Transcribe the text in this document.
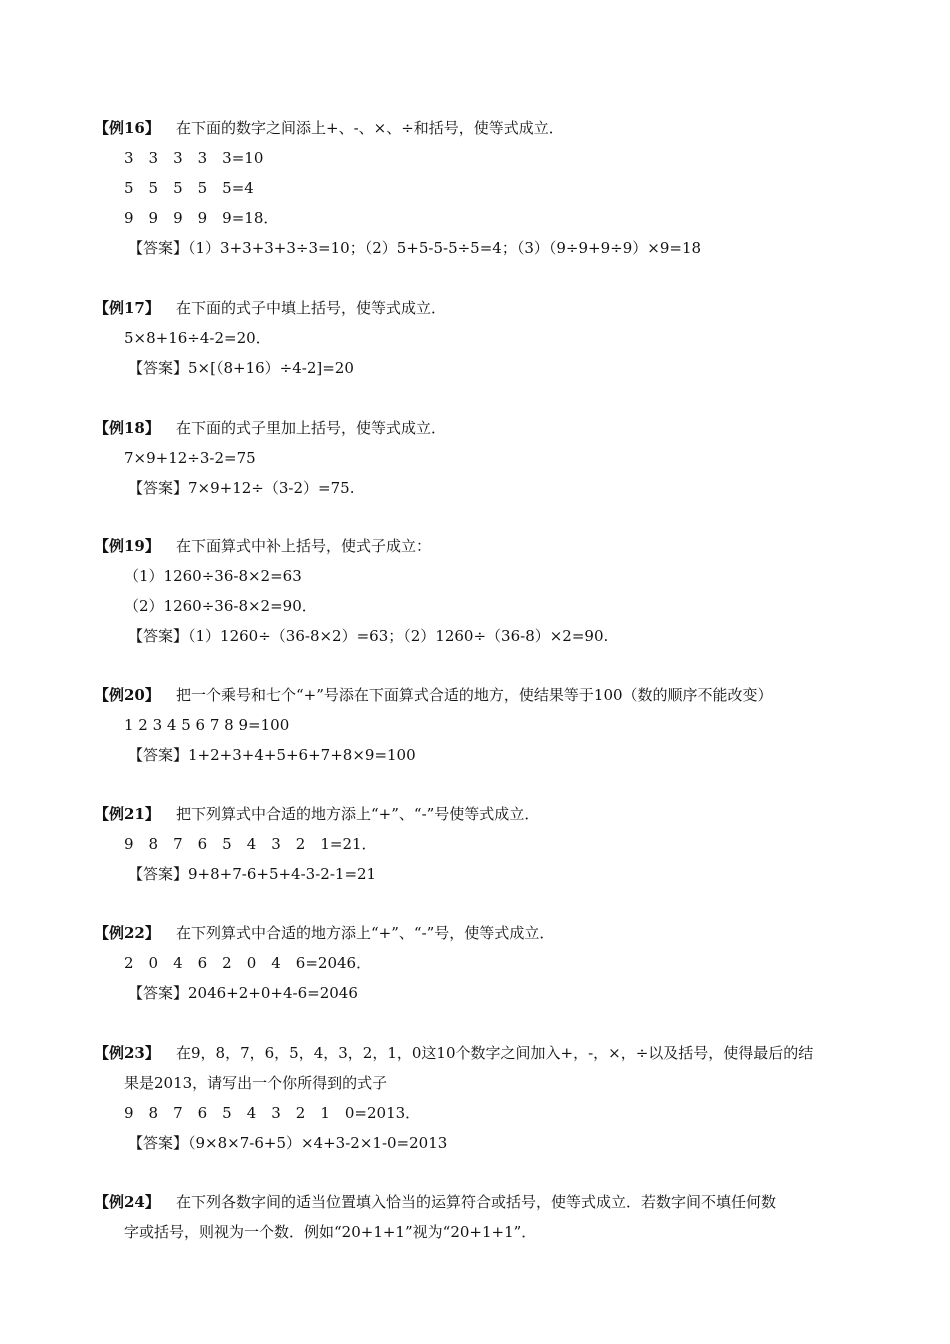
【例16】 在下面的数字之间添上+、-、×、÷和括号，使等式成立．
3　3　3　3　3=10
5　5　5　5　5=4
9　9　9　9　9=18．
【答案】（1）3+3+3+3÷3=10；（2）5+5-5-5÷5=4；（3）（9÷9+9÷9）×9=18
【例17】 在下面的式子中填上括号，使等式成立．
5×8+16÷4-2=20．
【答案】5×[（8+16）÷4-2]=20
【例18】 在下面的式子里加上括号，使等式成立．
7×9+12÷3-2=75
【答案】7×9+12÷（3-2）=75.
【例19】 在下面算式中补上括号，使式子成立：
（1）1260÷36-8×2=63
（2）1260÷36-8×2=90．
【答案】（1）1260÷（36-8×2）=63；（2）1260÷（36-8）×2=90.
【例20】 把一个乘号和七个“+”号添在下面算式合适的地方，使结果等于100（数的顺序不能改变）
1 2 3 4 5 6 7 8 9=100
【答案】1+2+3+4+5+6+7+8×9=100
【例21】 把下列算式中合适的地方添上“+”、“-”号使等式成立．
9　8　7　6　5　4　3　2　1=21．
【答案】9+8+7-6+5+4-3-2-1=21
【例22】 在下列算式中合适的地方添上“+”、“-”号，使等式成立．
2　0　4　6　2　0　4　6=2046．
【答案】2046+2+0+4-6=2046
【例23】 在9，8，7，6，5，4，3，2，1，0这10个数字之间加入+，-，×，÷以及括号，使得最后的结
果是2013，请写出一个你所得到的式子
9　8　7　6　5　4　3　2　1　0=2013．
【答案】（9×8×7-6+5）×4+3-2×1-0=2013
【例24】 在下列各数字间的适当位置填入恰当的运算符合或括号，使等式成立．若数字间不填任何数
字或括号，则视为一个数．例如“20+1+1”视为“20+1+1”．
